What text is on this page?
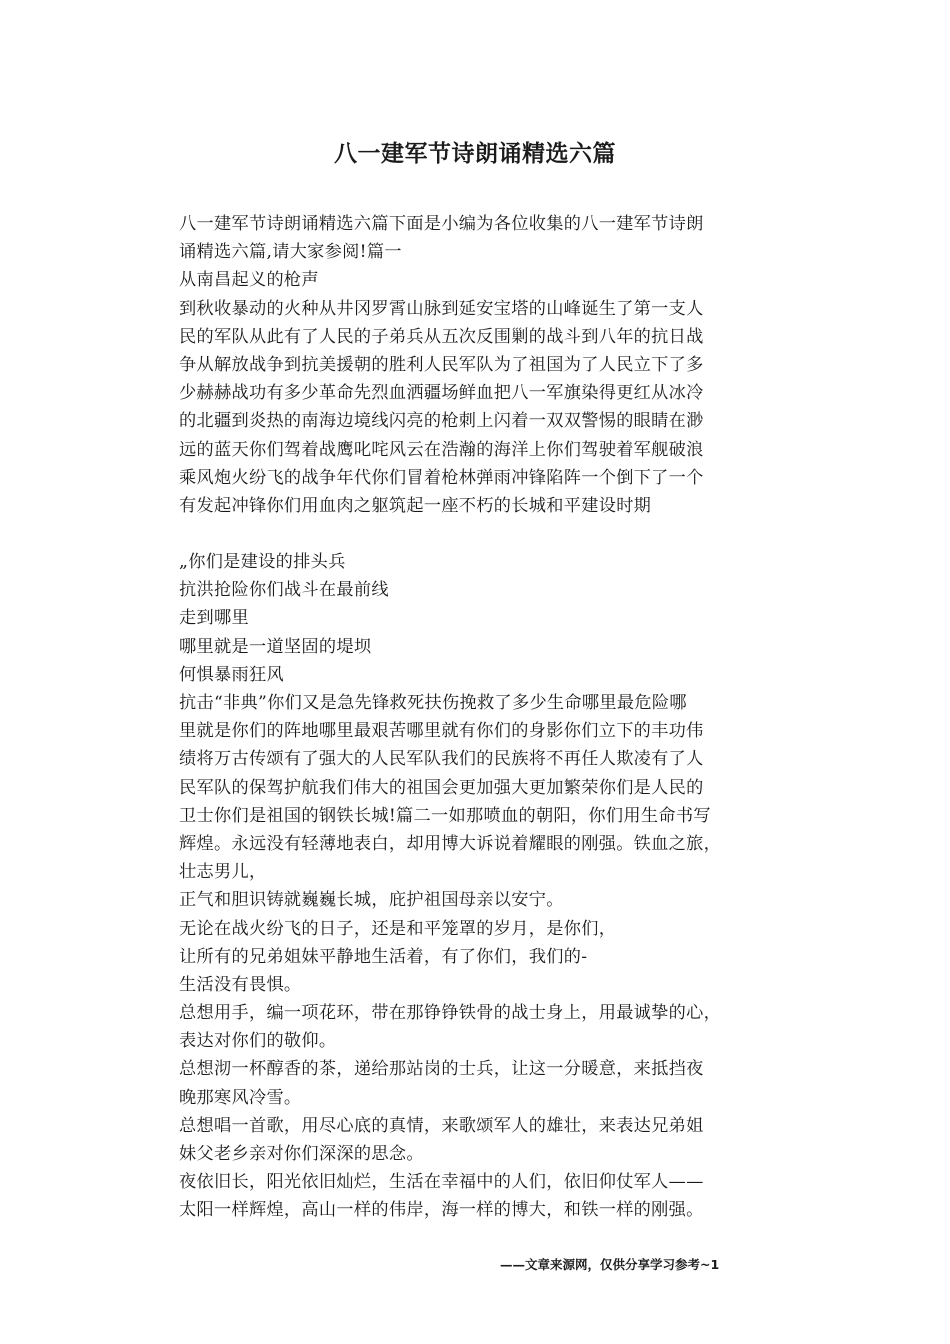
八一建军节诗朗诵精选六篇
八一建军节诗朗诵精选六篇下面是小编为各位收集的八一建军节诗朗
诵精选六篇,请大家参阅!篇一
从南昌起义的枪声
到秋收暴动的火种从井冈罗霄山脉到延安宝塔的山峰诞生了第一支人
民的军队从此有了人民的子弟兵从五次反围剿的战斗到八年的抗日战
争从解放战争到抗美援朝的胜利人民军队为了祖国为了人民立下了多
少赫赫战功有多少革命先烈血洒疆场鲜血把八一军旗染得更红从冰冷
的北疆到炎热的南海边境线闪亮的枪刺上闪着一双双警惕的眼睛在渺
远的蓝天你们驾着战鹰叱咤风云在浩瀚的海洋上你们驾驶着军舰破浪
乘风炮火纷飞的战争年代你们冒着枪林弹雨冲锋陷阵一个倒下了一个
有发起冲锋你们用血肉之躯筑起一座不朽的长城和平建设时期
„你们是建设的排头兵
抗洪抢险你们战斗在最前线
走到哪里
哪里就是一道坚固的堤坝
何惧暴雨狂风
抗击“非典”你们又是急先锋救死扶伤挽救了多少生命哪里最危险哪
里就是你们的阵地哪里最艰苦哪里就有你们的身影你们立下的丰功伟
绩将万古传颂有了强大的人民军队我们的民族将不再任人欺凌有了人
民军队的保驾护航我们伟大的祖国会更加强大更加繁荣你们是人民的
卫士你们是祖国的钢铁长城!篇二一如那喷血的朝阳，你们用生命书写
辉煌。永远没有轻薄地表白，却用博大诉说着耀眼的刚强。铁血之旅，
壮志男儿，
正气和胆识铸就巍巍长城，庇护祖国母亲以安宁。
无论在战火纷飞的日子，还是和平笼罩的岁月，是你们，
让所有的兄弟姐妹平静地生活着，有了你们，我们的-
生活没有畏惧。
总想用手，编一项花环，带在那铮铮铁骨的战士身上，用最诚挚的心，
表达对你们的敬仰。
总想沏一杯醇香的茶，递给那站岗的士兵，让这一分暖意，来抵挡夜
晚那寒风冷雪。
总想唱一首歌，用尽心底的真情，来歌颂军人的雄壮，来表达兄弟姐
妹父老乡亲对你们深深的思念。
夜依旧长，阳光依旧灿烂，生活在幸福中的人们，依旧仰仗军人——
太阳一样辉煌，高山一样的伟岸，海一样的博大，和铁一样的刚强。
——文章来源网，仅供分享学习参考~1
